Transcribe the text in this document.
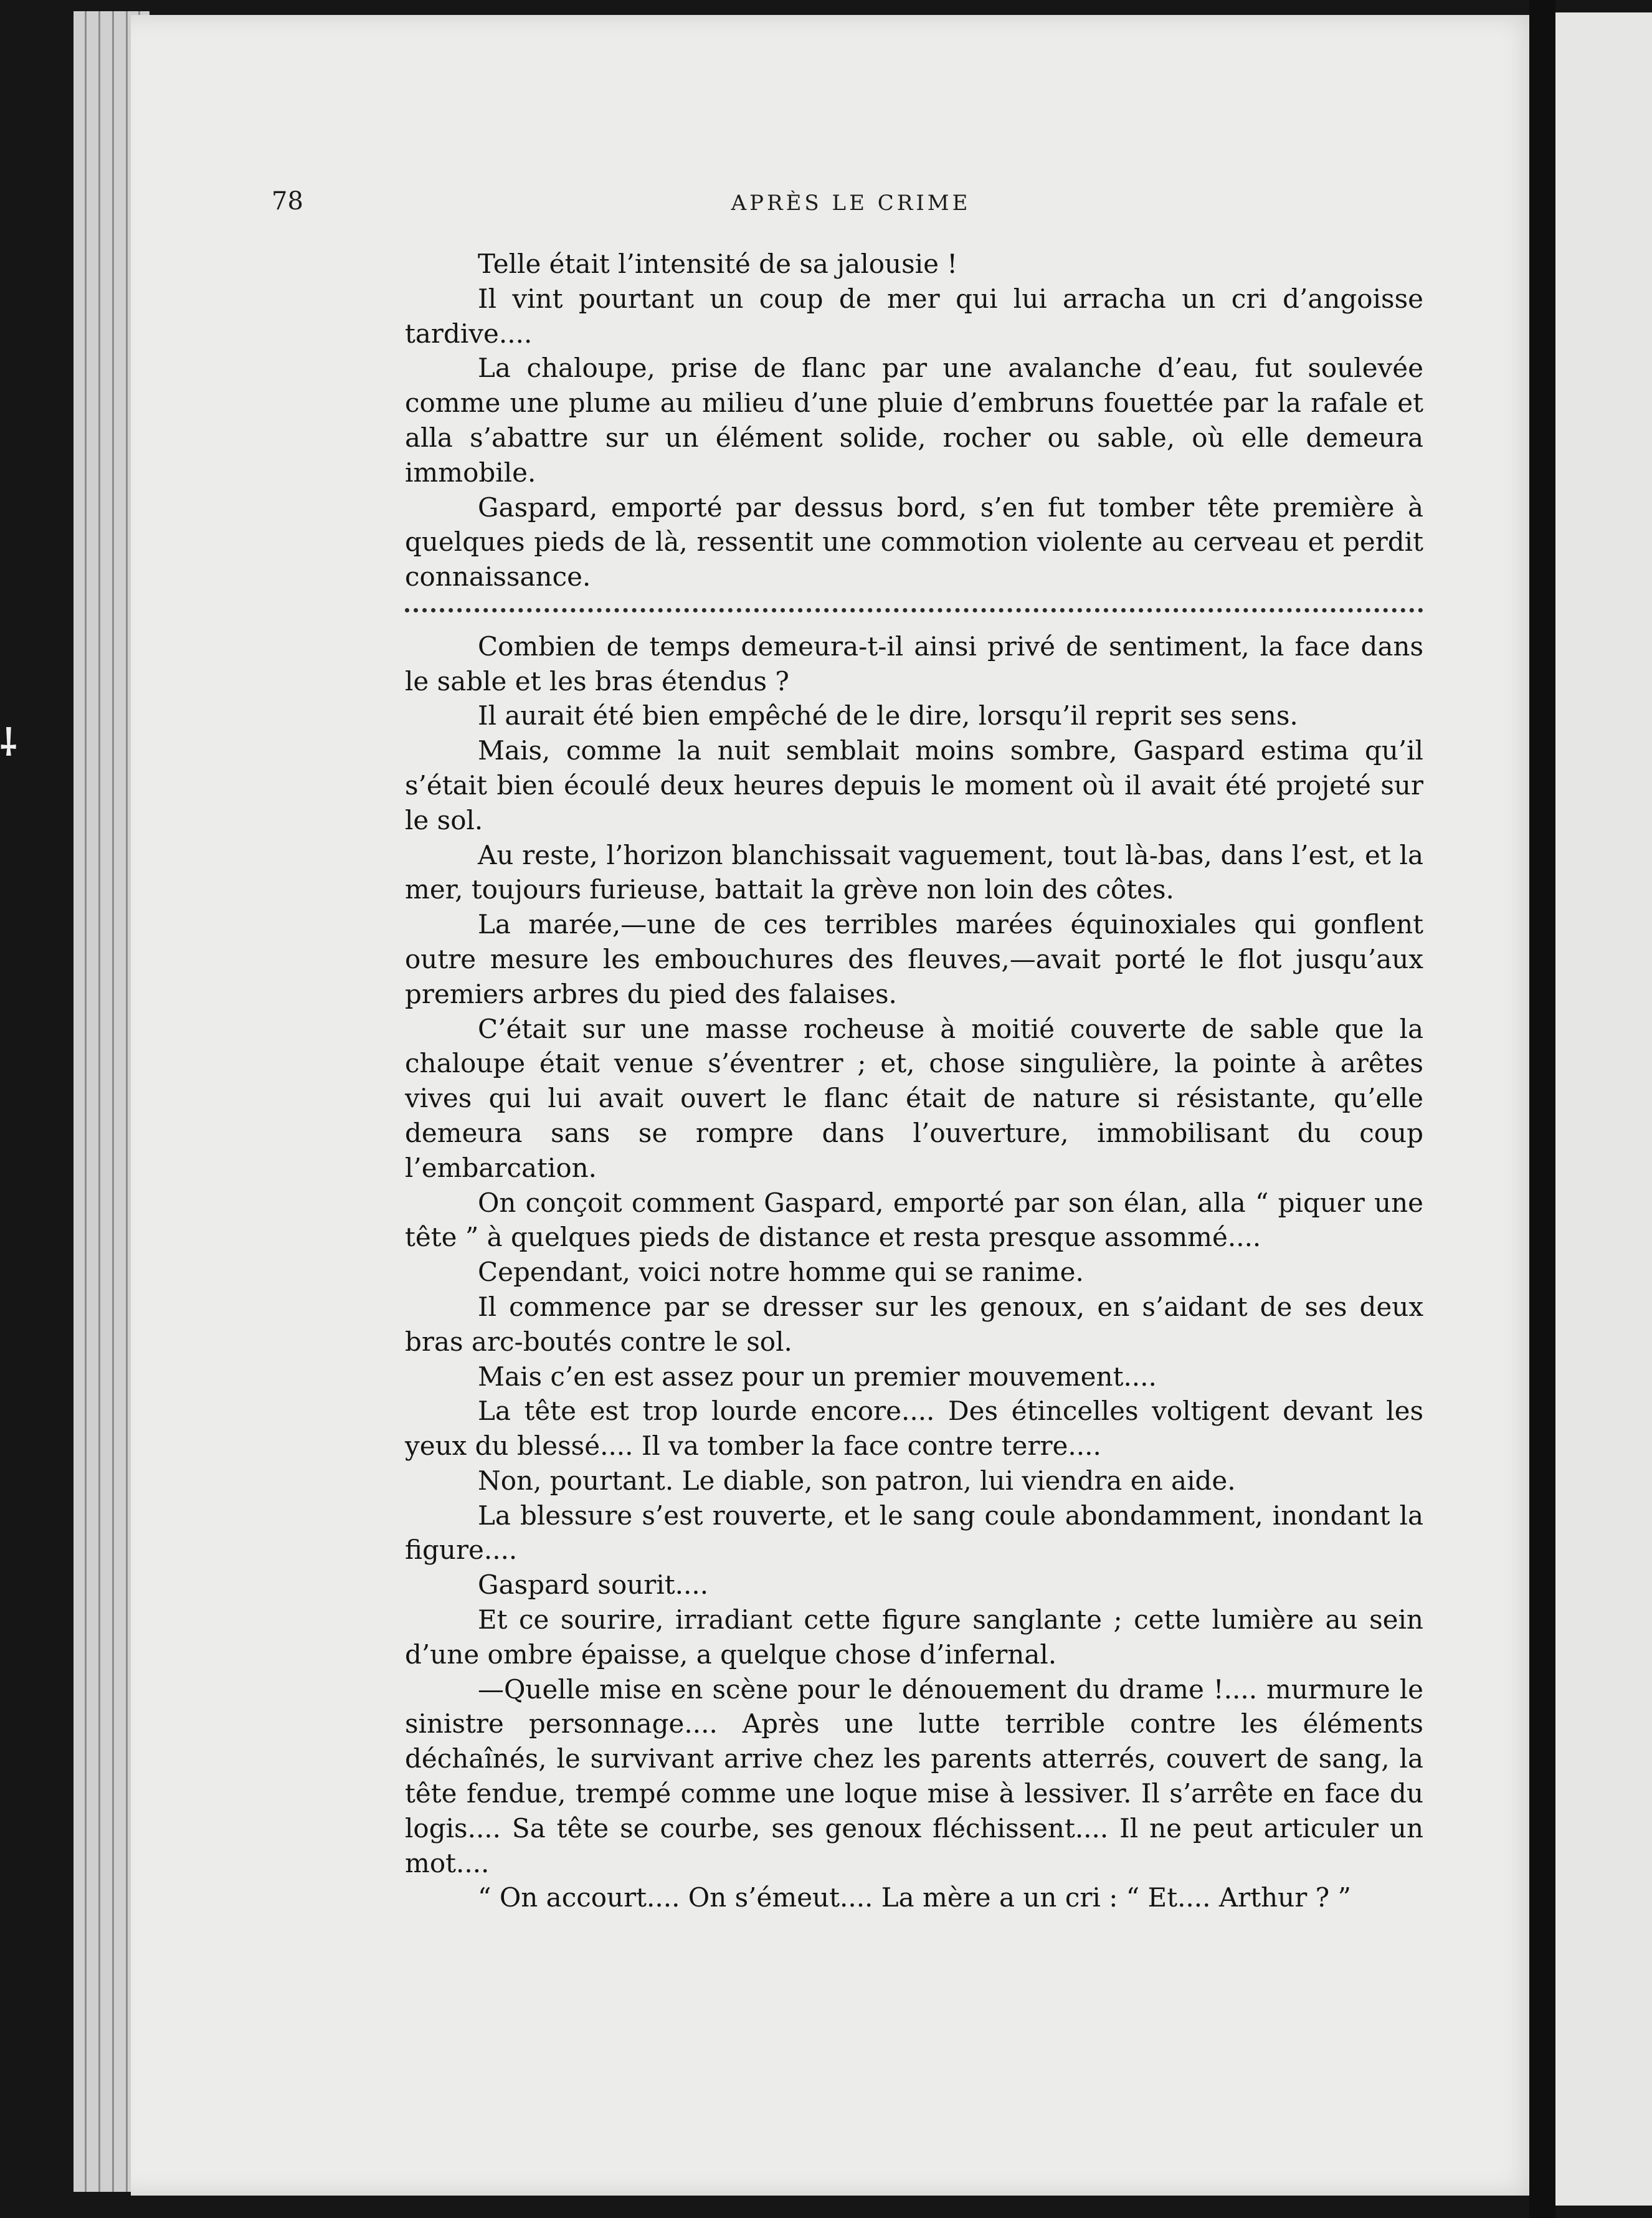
⸸
78	APRÈS LE CRIME

Telle était l’intensité de sa jalousie !

Il vint pourtant un coup de mer qui lui arracha un cri d’angoisse tardive....

La chaloupe, prise de flanc par une avalanche d’eau, fut soulevée comme une plume au milieu d’une pluie d’embruns fouettée par la rafale et alla s’abattre sur un élément solide, rocher ou sable, où elle demeura immobile.

Gaspard, emporté par dessus bord, s’en fut tomber tête première à quelques pieds de là, ressentit une commotion violente au cerveau et perdit connaissance.

Combien de temps demeura-t-il ainsi privé de sentiment, la face dans le sable et les bras étendus ?

Il aurait été bien empêché de le dire, lorsqu’il reprit ses sens.

Mais, comme la nuit semblait moins sombre, Gaspard estima qu’il s’était bien écoulé deux heures depuis le moment où il avait été projeté sur le sol.

Au reste, l’horizon blanchissait vaguement, tout là-bas, dans l’est, et la mer, toujours furieuse, battait la grève non loin des côtes.

La marée,—une de ces terribles marées équinoxiales qui gonflent outre mesure les embouchures des fleuves,—avait porté le flot jusqu’aux premiers arbres du pied des falaises.

C’était sur une masse rocheuse à moitié couverte de sable que la chaloupe était venue s’éventrer ; et, chose singulière, la pointe à arêtes vives qui lui avait ouvert le flanc était de nature si résistante, qu’elle demeura sans se rompre dans l’ouverture, immobilisant du coup l’embarcation.

On conçoit comment Gaspard, emporté par son élan, alla “ piquer une tête ” à quelques pieds de distance et resta presque assommé....

Cependant, voici notre homme qui se ranime.

Il commence par se dresser sur les genoux, en s’aidant de ses deux bras arc-boutés contre le sol.

Mais c’en est assez pour un premier mouvement....

La tête est trop lourde encore.... Des étincelles voltigent devant les yeux du blessé.... Il va tomber la face contre terre....

Non, pourtant. Le diable, son patron, lui viendra en aide.

La blessure s’est rouverte, et le sang coule abondamment, inondant la figure....

Gaspard sourit....

Et ce sourire, irradiant cette figure sanglante ; cette lumière au sein d’une ombre épaisse, a quelque chose d’infernal.

—Quelle mise en scène pour le dénouement du drame !.... murmure le sinistre personnage.... Après une lutte terrible contre les éléments déchaînés, le survivant arrive chez les parents atterrés, couvert de sang, la tête fendue, trempé comme une loque mise à lessiver. Il s’arrête en face du logis.... Sa tête se courbe, ses genoux fléchissent.... Il ne peut articuler un mot....

“ On accourt.... On s’émeut.... La mère a un cri : “ Et.... Arthur ? ”
